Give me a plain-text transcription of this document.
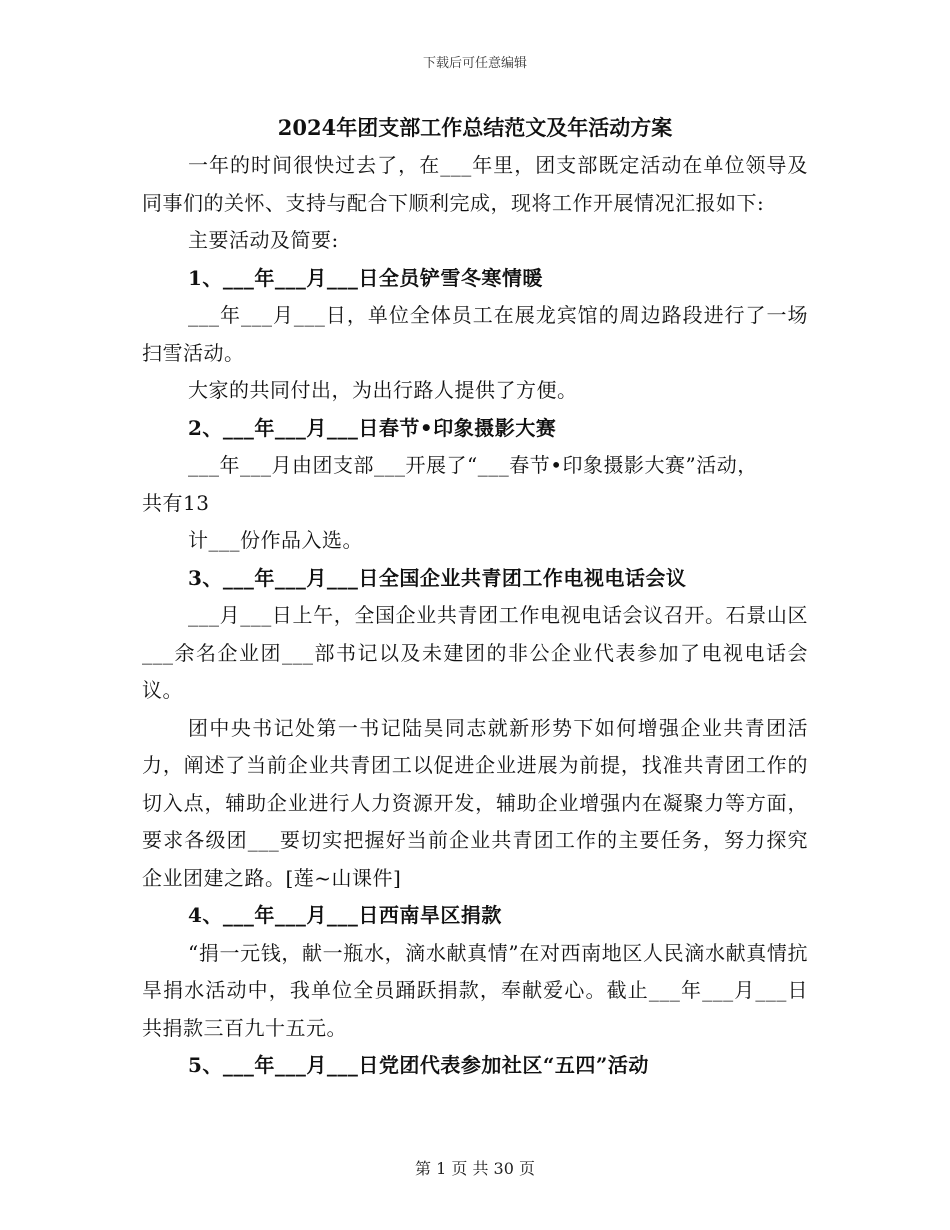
下载后可任意编辑
2024年团支部工作总结范文及年活动方案

一年的时间很快过去了，在___年里，团支部既定活动在单位领导及同事们的关怀、支持与配合下顺利完成，现将工作开展情况汇报如下:

主要活动及简要:

1、___年___月___日全员铲雪冬寒情暖

___年___月___日，单位全体员工在展龙宾馆的周边路段进行了一场扫雪活动。

大家的共同付出，为出行路人提供了方便。

2、___年___月___日春节•印象摄影大赛

___年___月由团支部___开展了“___春节•印象摄影大赛”活动，

共有13

计___份作品入选。

3、___年___月___日全国企业共青团工作电视电话会议

___月___日上午，全国企业共青团工作电视电话会议召开。石景山区___余名企业团___部书记以及未建团的非公企业代表参加了电视电话会议。

团中央书记处第一书记陆昊同志就新形势下如何增强企业共青团活力，阐述了当前企业共青团工以促进企业进展为前提，找准共青团工作的切入点，辅助企业进行人力资源开发，辅助企业增强内在凝聚力等方面，要求各级团___要切实把握好当前企业共青团工作的主要任务，努力探究企业团建之路。[莲~山课件]

4、___年___月___日西南旱区捐款

“捐一元钱，献一瓶水，滴水献真情”在对西南地区人民滴水献真情抗旱捐水活动中，我单位全员踊跃捐款，奉献爱心。截止___年___月___日共捐款三百九十五元。

5、___年___月___日党团代表参加社区“五四”活动

第 1 页 共 30 页
